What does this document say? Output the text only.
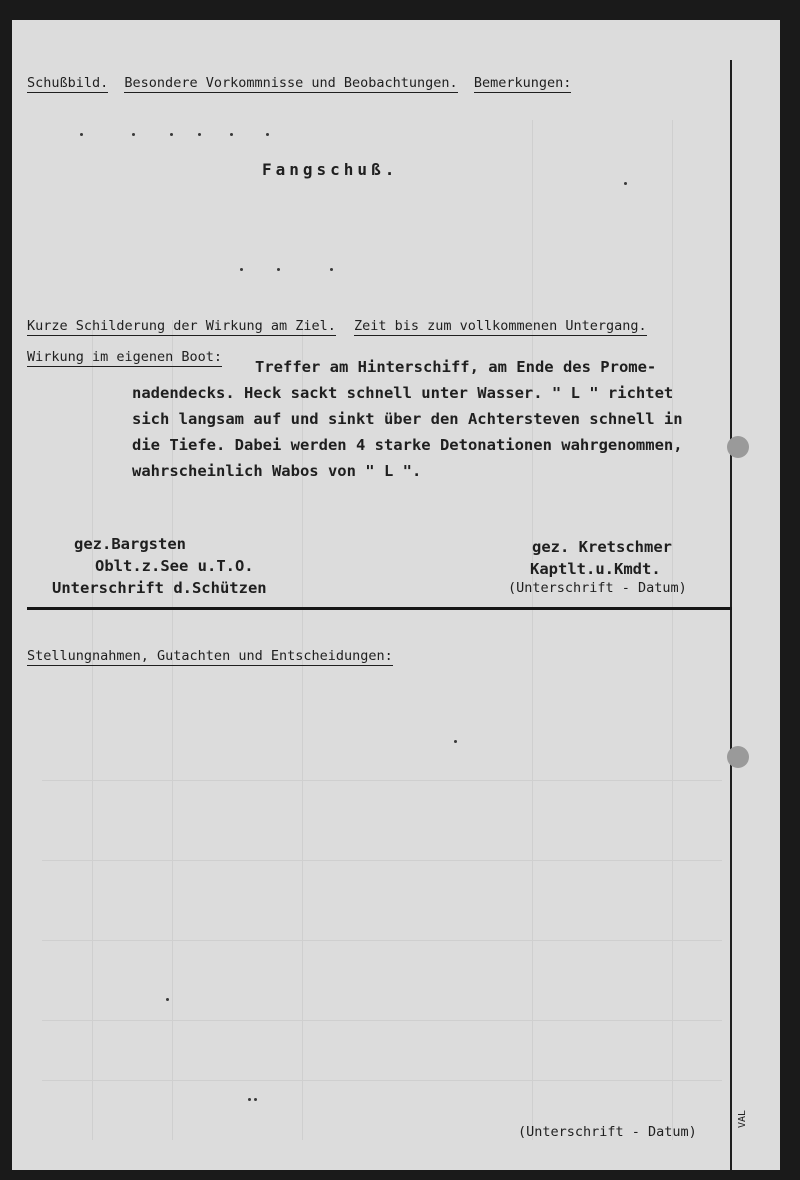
Schußbild. Besondere Vorkommnisse und Beobachtungen. Bemerkungen:
Fangschuß.
Kurze Schilderung der Wirkung am Ziel. Zeit bis zum vollkommenen Untergang.
Wirkung im eigenen Boot:
Treffer am Hinterschiff, am Ende des Prome-
nadendecks. Heck sackt schnell unter Wasser. " L " richtet
sich langsam auf und sinkt über den Achtersteven schnell in
die Tiefe. Dabei werden 4 starke Detonationen wahrgenommen,
wahrscheinlich Wabos von " L ".
gez.Bargsten
Oblt.z.See u.T.O.
Unterschrift d.Schützen
gez. Kretschmer
Kaptlt.u.Kmdt.
(Unterschrift - Datum)
Stellungnahmen, Gutachten und Entscheidungen:
(Unterschrift - Datum)
VAL
